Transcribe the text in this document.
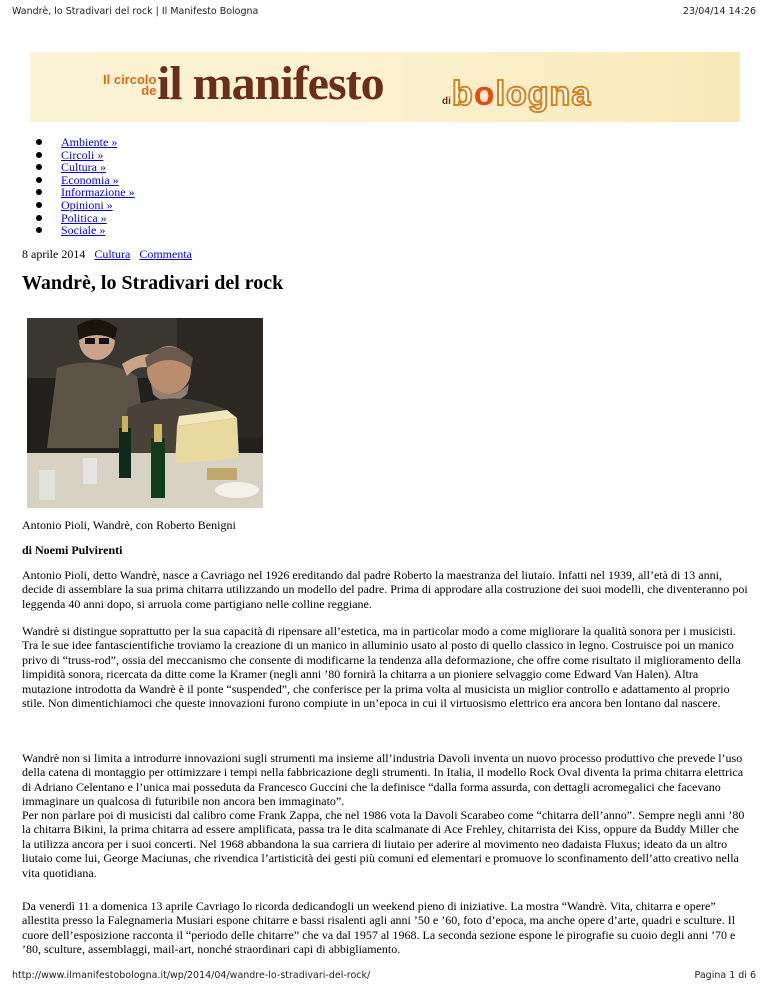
Wandrè, lo Stradivari del rock | Il Manifesto Bologna	23/04/14 14:26
Il circolo
de il manifesto	di bologna
Ambiente »
Circoli »
Cultura »
Economia »
Informazione »
Opinioni »
Politica »
Sociale »
8 aprile 2014 Cultura Commenta
Wandrè, lo Stradivari del rock
Antonio Pioli, Wandrè, con Roberto Benigni
di Noemi Pulvirenti

Antonio Pioli, detto Wandrè, nasce a Cavriago nel 1926 ereditando dal padre Roberto la maestranza del liutaio. Infatti nel 1939, all’età di 13 anni, decide di assemblare la sua prima chitarra utilizzando un modello del padre. Prima di approdare alla costruzione dei suoi modelli, che diventeranno poi leggenda 40 anni dopo, si arruola come partigiano nelle colline reggiane.

Wandrè si distingue soprattutto per la sua capacità di ripensare all’estetica, ma in particolar modo a come migliorare la qualità sonora per i musicisti. Tra le sue idee fantascientifiche troviamo la creazione di un manico in alluminio usato al posto di quello classico in legno. Costruisce poi un manico privo di “truss-rod”, ossia del meccanismo che consente di modificarne la tendenza alla deformazione, che offre come risultato il miglioramento della limpidità sonora, ricercata da ditte come la Kramer (negli anni ’80 fornirà la chitarra a un pioniere selvaggio come Edward Van Halen). Altra mutazione introdotta da Wandrè è il ponte “suspended”, che conferisce per la prima volta al musicista un miglior controllo e adattamento al proprio stile. Non dimentichiamoci che queste innovazioni furono compiute in un’epoca in cui il virtuosismo elettrico era ancora ben lontano dal nascere.

Wandrè non si limita a introdurre innovazioni sugli strumenti ma insieme all’industria Davoli inventa un nuovo processo produttivo che prevede l’uso della catena di montaggio per ottimizzare i tempi nella fabbricazione degli strumenti. In Italia, il modello Rock Oval diventa la prima chitarra elettrica di Adriano Celentano e l’unica mai posseduta da Francesco Guccini che la definisce “dalla forma assurda, con dettagli acromegalici che facevano immaginare un qualcosa di futuribile non ancora ben immaginato”.

Per non parlare poi di musicisti dal calibro come Frank Zappa, che nel 1986 vota la Davoli Scarabeo come “chitarra dell’anno”. Sempre negli anni ’80 la chitarra Bikini, la prima chitarra ad essere amplificata, passa tra le dita scalmanate di Ace Frehley, chitarrista dei Kiss, oppure da Buddy Miller che la utilizza ancora per i suoi concerti. Nel 1968 abbandona la sua carriera di liutaio per aderire al movimento neo dadaista Fluxus; ideato da un altro liutaio come lui, George Maciunas, che rivendica l’artisticità dei gesti più comuni ed elementari e promuove lo sconfinamento dell’atto creativo nella vita quotidiana.

Da venerdì 11 a domenica 13 aprile Cavriago lo ricorda dedicandogli un weekend pieno di iniziative. La mostra “Wandrè. Vita, chitarra e opere” allestita presso la Falegnameria Musiari espone chitarre e bassi risalenti agli anni ’50 e ’60, foto d’epoca, ma anche opere d’arte, quadri e sculture. Il cuore dell’esposizione racconta il “periodo delle chitarre” che va dal 1957 al 1968. La seconda sezione espone le pirografie su cuoio degli anni ’70 e ’80, sculture, assemblaggi, mail-art, nonché straordinari capi di abbigliamento.

http://www.ilmanifestobologna.it/wp/2014/04/wandre-lo-stradivari-del-rock/	Pagina 1 di 6
